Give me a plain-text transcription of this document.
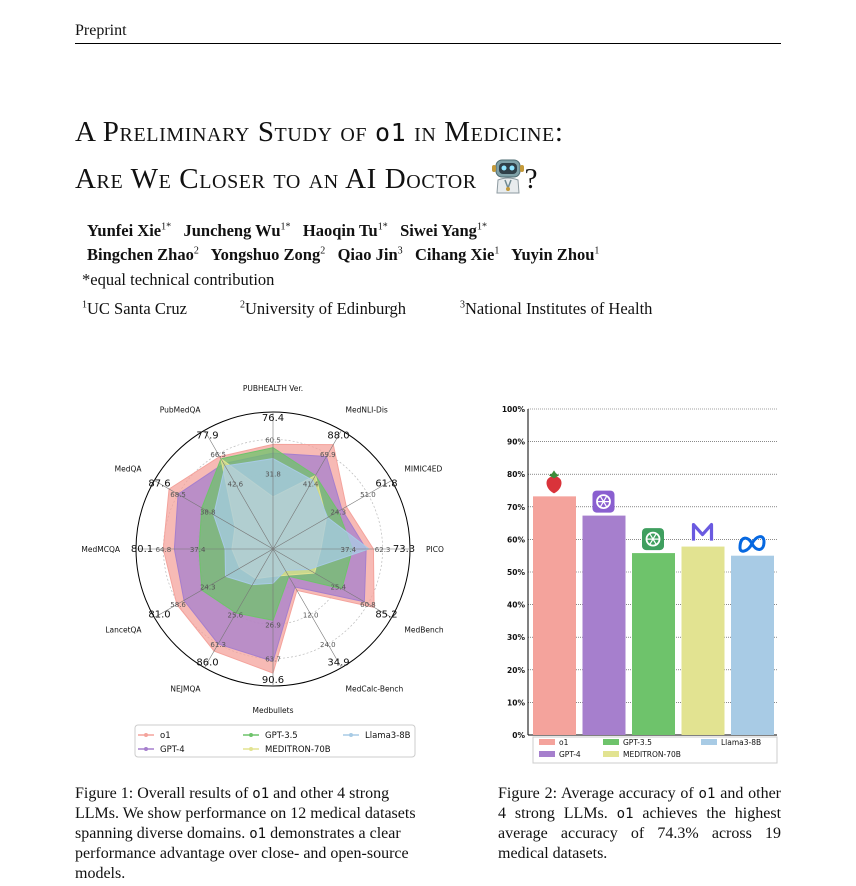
Preprint
A Preliminary Study of o1 in Medicine:
Are We Closer to an AI Doctor ?
Yunfei Xie$^{1*}$ Juncheng $Wu^{1*}$ Haoqin $Tu^{1*}$ Siwei Yang$^{1*}$
Bingchen Zhao$^2$ Yongshuo Zong$^2$ Qiao Jin$^3$ Cihang Xie$^1$ Yuyin Zhou$^1$
*equal technical contribution
$^1$UC Santa Cruz	$^2$University of Edinburgh	$^3$National Institutes of Health
PUBHEALTH Ver.
MedNLI-Dis
MIMIC4ED
PICO
MedBench
MedCalc-Bench
Medbullets
NEJMQA
LancetQA
MedMCQA
MedQA
PubMedQA
76.4
60.5
31.8
88.0
69.9
41.4	61.8
51.0
24.3
73.3
62.3
37.4
85.2
60.8
25.4
34.9
24.0
12.0
90.6
63.7
26.9
86.0
61.3
25.6
81.0
58.6
24.3
80.1 64.8	37.4
87.6
68.5
38.8
77.9
66.5
42.6
o1
GPT-4
GPT-3.5
MEDITRON-70B
Llama3-8B	0%
10%
20%
30%
40%
50%
60%
70%
80%
90%
100%
o1	GPT-3.5	Llama3-8B
GPT-4	MEDITRON-70B
Figure 1: Overall results of o1 and other 4 strong LLMs. We show performance on 12 medical datasets spanning diverse domains. o1 demonstrates a clear performance advantage over close- and open-source models.
Figure 2: Average accuracy of o1 and other 4 strong LLMs. o1 achieves the highest average accuracy of 74.3% across 19 medical datasets.
